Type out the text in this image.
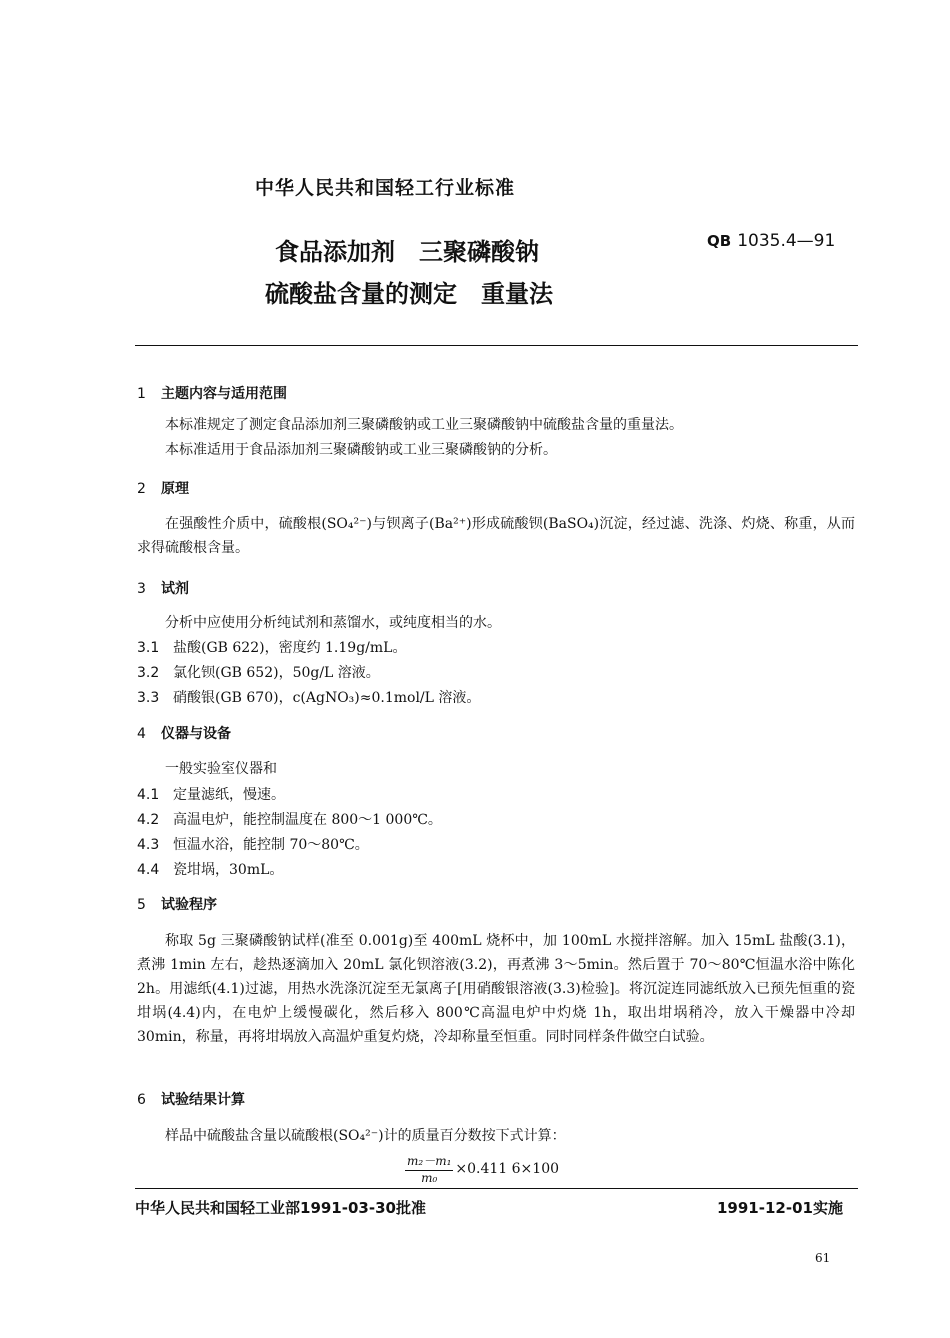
中华人民共和国轻工行业标准
QB 1035.4—91
食品添加剂　三聚磷酸钠
硫酸盐含量的测定　重量法
1 主题内容与适用范围
本标准规定了测定食品添加剂三聚磷酸钠或工业三聚磷酸钠中硫酸盐含量的重量法。
本标准适用于食品添加剂三聚磷酸钠或工业三聚磷酸钠的分析。
2 原理
在强酸性介质中，硫酸根(SO₄²⁻)与钡离子(Ba²⁺)形成硫酸钡(BaSO₄)沉淀，经过滤、洗涤、灼烧、称重，从而求得硫酸根含量。
3 试剂
分析中应使用分析纯试剂和蒸馏水，或纯度相当的水。
3.1 盐酸(GB 622)，密度约 1.19g/mL。
3.2 氯化钡(GB 652)，50g/L 溶液。
3.3 硝酸银(GB 670)，c(AgNO₃)≈0.1mol/L 溶液。
4 仪器与设备
一般实验室仪器和
4.1 定量滤纸，慢速。
4.2 高温电炉，能控制温度在 800～1 000℃。
4.3 恒温水浴，能控制 70～80℃。
4.4 瓷坩埚，30mL。
5 试验程序
称取 5g 三聚磷酸钠试样(准至 0.001g)至 400mL 烧杯中，加 100mL 水搅拌溶解。加入 15mL 盐酸(3.1)，煮沸 1min 左右，趁热逐滴加入 20mL 氯化钡溶液(3.2)，再煮沸 3～5min。然后置于 70～80℃恒温水浴中陈化 2h。用滤纸(4.1)过滤，用热水洗涤沉淀至无氯离子[用硝酸银溶液(3.3)检验]。将沉淀连同滤纸放入已预先恒重的瓷坩埚(4.4)内，在电炉上缓慢碳化，然后移入 800℃高温电炉中灼烧 1h，取出坩埚稍冷，放入干燥器中冷却 30min，称量，再将坩埚放入高温炉重复灼烧，冷却称量至恒重。同时同样条件做空白试验。
6 试验结果计算
样品中硫酸盐含量以硫酸根(SO₄²⁻)计的质量百分数按下式计算：
$\frac{\text{m₂－m₁}}{\text{m₀}} \times 0.411$ 6×100
中华人民共和国轻工业部1991-03-30批准	1991-12-01实施
61
